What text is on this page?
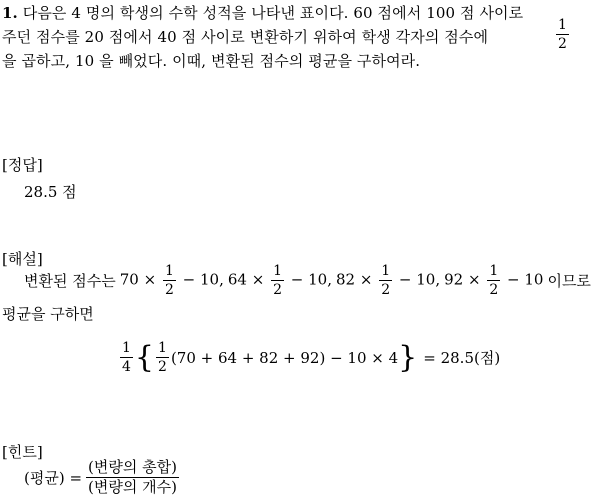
1. 다음은 4 명의 학생의 수학 성적을 나타낸 표이다. 60 점에서 100 점 사이로
주던 점수를 20 점에서 40 점 사이로 변환하기 위하여 학생 각자의 점수에	$\frac{1}{2}$
을 곱하고, 10 을 빼었다. 이때, 변환된 점수의 평균을 구하여라.
[정답]
28.5 점
[해설]
변환된 점수는 $70 \times \frac{1}{2} - 10$, $64 \times \frac{1}{2} - 10$, $82 \times \frac{1}{2} - 10$, $92 \times \frac{1}{2} - 10$ 이므로
평균을 구하면
$\frac{1}{4}$ { $\frac{1}{2} (70 + 64 + 82 + 92) - 10 \times 4$ } = 28.5(점)
[힌트]
(평균) = $\frac{\text{(변량의 총합)}}{\text{(변량의 개수)}}$
